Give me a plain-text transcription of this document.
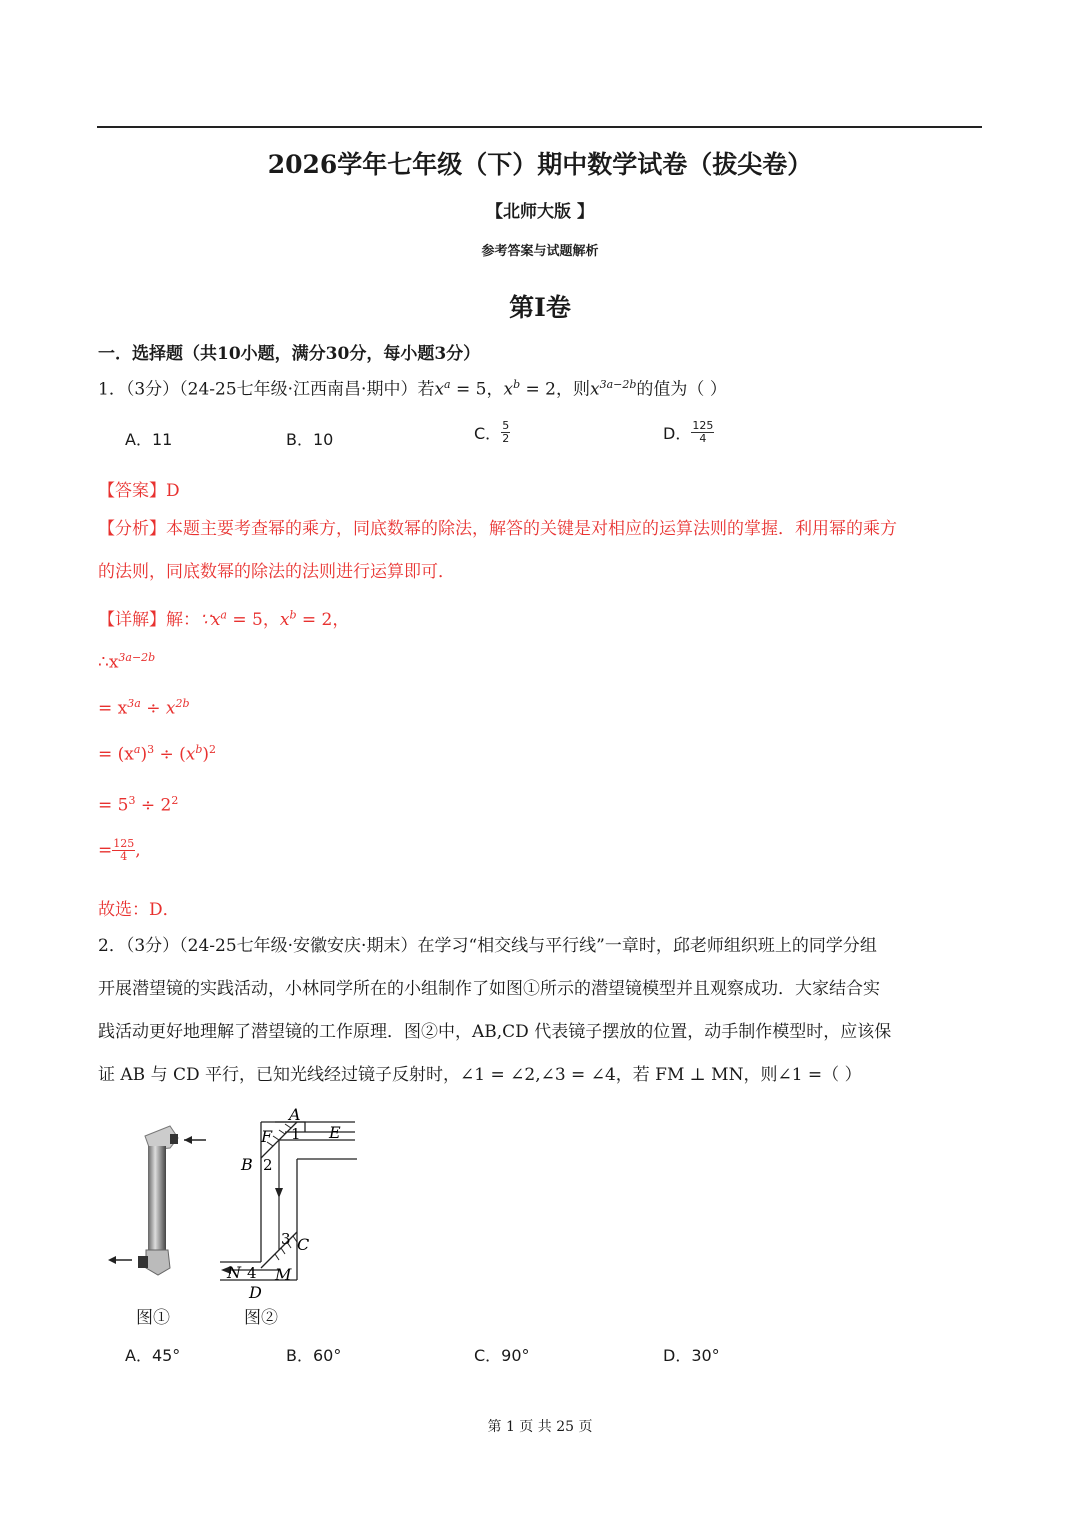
2026学年七年级（下）期中数学试卷（拔尖卷）
【北师大版 】
参考答案与试题解析
第Ⅰ卷
一．选择题（共10小题，满分30分，每小题3分）
1．（3分）（24-25七年级·江西南昌·期中）若$x^a = 5$，$x^b = 2$，则$x^{3a-2b}$的值为（ ）
A．11	B．10	C． $\frac{5}{2}$	D． $\frac{125}{4}$
【答案】D
【分析】本题主要考查幂的乘方，同底数幂的除法，解答的关键是对相应的运算法则的掌握．利用幂的乘方
的法则，同底数幂的除法的法则进行运算即可．
【详解】解：$\because x^a = 5$，$x^b = 2$，
$\therefore x^{3a-2b}$
= $x^{3a} \div x^{2b}$
= $(x^a)^3 \div (x^b)^2$
= $5^3 \div 2^2$
= $\frac{125}{4}$ ,
故选：D．
2．（3分）（24-25七年级·安徽安庆·期末）在学习“相交线与平行线”一章时，邱老师组织班上的同学分组
开展潜望镜的实践活动，小林同学所在的小组制作了如图①所示的潜望镜模型并且观察成功．大家结合实
践活动更好地理解了潜望镜的工作原理．图②中，AB,CD 代表镜子摆放的位置，动手制作模型时，应该保
证 AB 与 CD 平行，已知光线经过镜子反射时，∠1 = ∠2,∠3 = ∠4，若 FM ⊥ MN，则∠1 =（ ）
A
E
F 1
B 2
3 C
N 4 M
D
图①	图②
A．45°	B．60°	C．90°	D．30°
第 1 页 共 25 页
